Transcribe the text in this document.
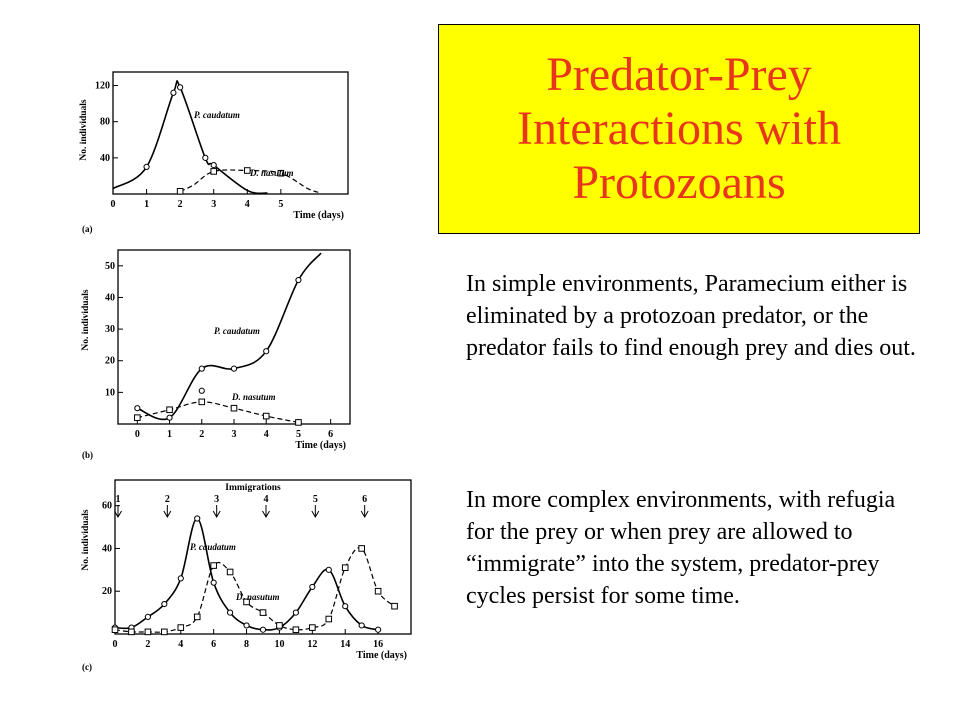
Predator-Prey Interactions with Protozoans

In simple environments, Paramecium either is eliminated by a protozoan predator, or the predator fails to find enough prey and dies out.

In more complex environments, with refugia for the prey or when prey are allowed to “immigrate” into the system, predator-prey cycles persist for some time.

40
80
120
0	1	2	3	4	5
Time (days)
No. individuals
(a)
P. caudatum
D. nasutum
10
20
30
40
50
0	1	2	3	4	5	6
Time (days)
No. individuals
(b)
P. caudatum
D. nasutum
20
40
60
0	2	4	6	8	10 12 14 16
Time (days)
No. individuals
(c)
Immigrations
1	2	3	4	5	6
P. caudatum
D. nasutum
